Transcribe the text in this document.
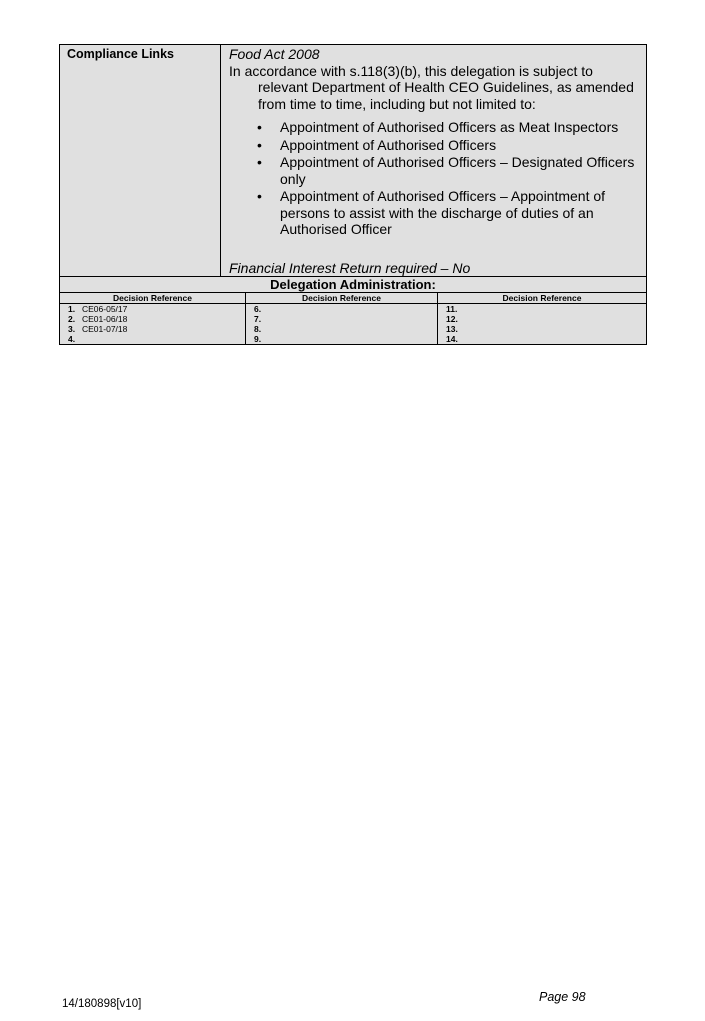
Compliance Links	Food Act 2008
In accordance with s.118(3)(b), this delegation is subject to relevant Department of Health CEO Guidelines, as amended from time to time, including but not limited to:
• Appointment of Authorised Officers as Meat Inspectors
• Appointment of Authorised Officers
• Appointment of Authorised Officers – Designated Officers only
• Appointment of Authorised Officers – Appointment of persons to assist with the discharge of duties of an Authorised Officer
Financial Interest Return required – No
Delegation Administration:
Decision Reference
1. CE06-05/17
2. CE01-06/18
3. CE01-07/18
4.
Decision Reference
6.
7.
8.
9.
Decision Reference
11.
12.
13.
14.
14/180898[v10]	Page 98
